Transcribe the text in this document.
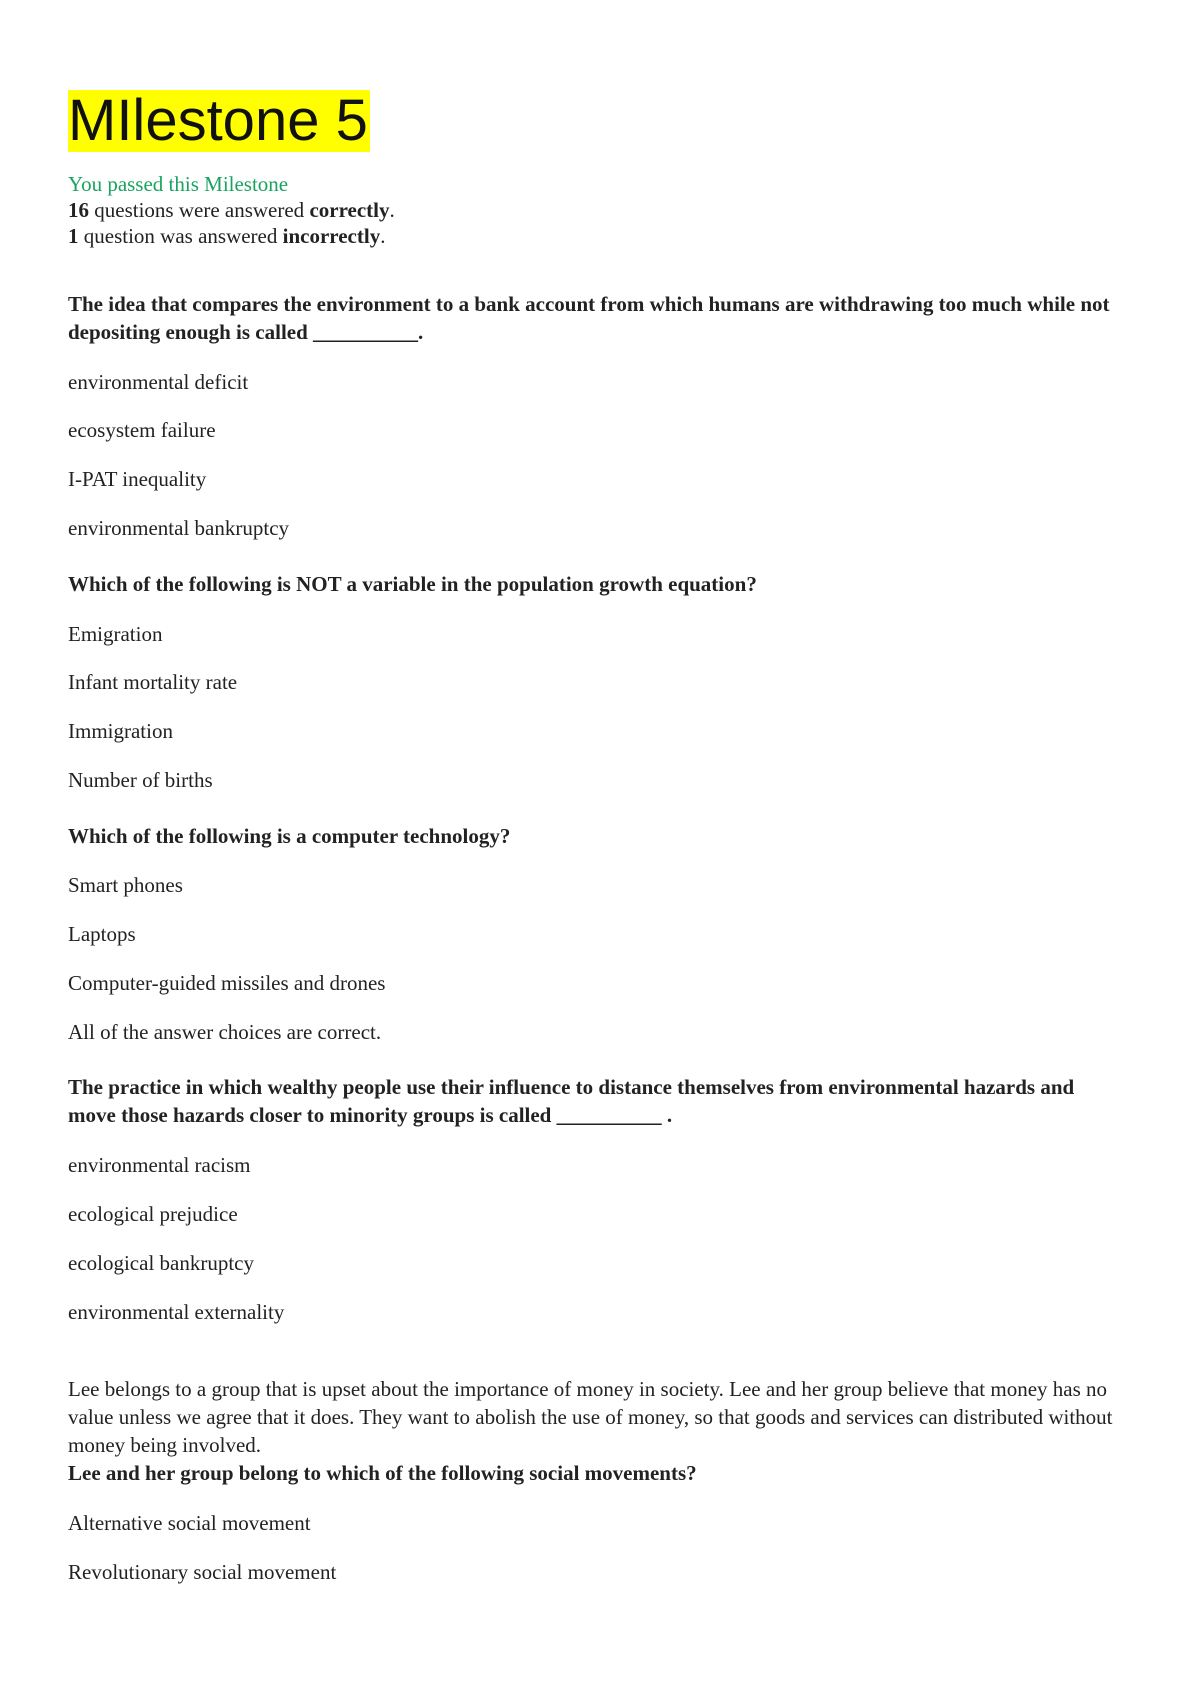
MIlestone 5
You passed this Milestone
16 questions were answered correctly.
1 question was answered incorrectly.
The idea that compares the environment to a bank account from which humans are withdrawing too much while not depositing enough is called __________.
environmental deficit
ecosystem failure
I-PAT inequality
environmental bankruptcy
Which of the following is NOT a variable in the population growth equation?
Emigration
Infant mortality rate
Immigration
Number of births
Which of the following is a computer technology?
Smart phones
Laptops
Computer-guided missiles and drones
All of the answer choices are correct.
The practice in which wealthy people use their influence to distance themselves from environmental hazards and move those hazards closer to minority groups is called __________ .
environmental racism
ecological prejudice
ecological bankruptcy
environmental externality
Lee belongs to a group that is upset about the importance of money in society. Lee and her group believe that money has no value unless we agree that it does. They want to abolish the use of money, so that goods and services can distributed without money being involved.
Lee and her group belong to which of the following social movements?
Alternative social movement
Revolutionary social movement
